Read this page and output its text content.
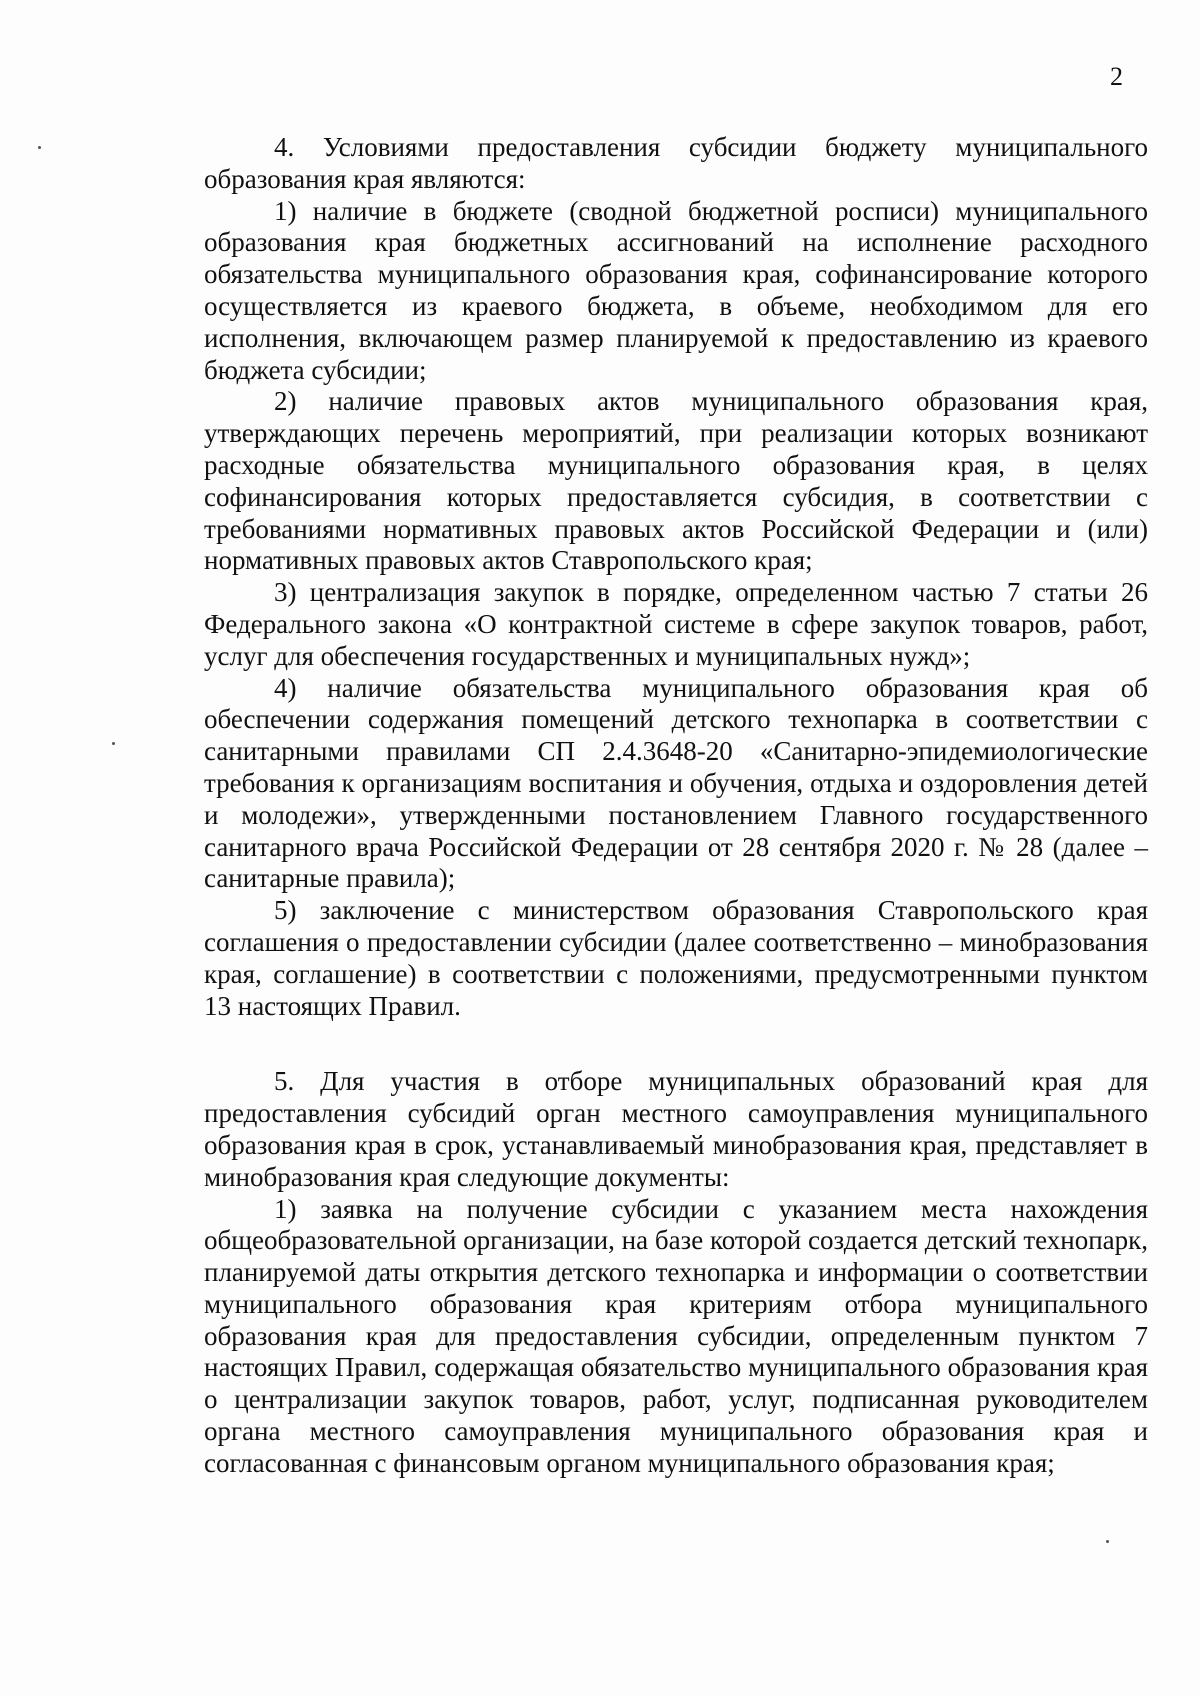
2

4. Условиями предоставления субсидии бюджету муниципального образования края являются:

1) наличие в бюджете (сводной бюджетной росписи) муниципального образования края бюджетных ассигнований на исполнение расходного обязательства муниципального образования края, софинансирование которого осуществляется из краевого бюджета, в объеме, необходимом для его исполнения, включающем размер планируемой к предоставлению из краевого бюджета субсидии;

2) наличие правовых актов муниципального образования края, утверждающих перечень мероприятий, при реализации которых возникают расходные обязательства муниципального образования края, в целях софинансирования которых предоставляется субсидия, в соответствии с требованиями нормативных правовых актов Российской Федерации и (или) нормативных правовых актов Ставропольского края;

3) централизация закупок в порядке, определенном частью 7 статьи 26 Федерального закона «О контрактной системе в сфере закупок товаров, работ, услуг для обеспечения государственных и муниципальных нужд»;

4) наличие обязательства муниципального образования края об обеспечении содержания помещений детского технопарка в соответствии с санитарными правилами СП 2.4.3648-20 «Санитарно-эпидемиологические требования к организациям воспитания и обучения, отдыха и оздоровления детей и молодежи», утвержденными постановлением Главного государственного санитарного врача Российской Федерации от 28 сентября 2020 г. № 28 (далее – санитарные правила);

5) заключение с министерством образования Ставропольского края соглашения о предоставлении субсидии (далее соответственно – минобразования края, соглашение) в соответствии с положениями, предусмотренными пунктом 13 настоящих Правил.

5. Для участия в отборе муниципальных образований края для предоставления субсидий орган местного самоуправления муниципального образования края в срок, устанавливаемый минобразования края, представляет в минобразования края следующие документы:

1) заявка на получение субсидии с указанием места нахождения общеобразовательной организации, на базе которой создается детский технопарк, планируемой даты открытия детского технопарка и информации о соответствии муниципального образования края критериям отбора муниципального образования края для предоставления субсидии, определенным пунктом 7 настоящих Правил, содержащая обязательство муниципального образования края о централизации закупок товаров, работ, услуг, подписанная руководителем органа местного самоуправления муниципального образования края и согласованная с финансовым органом муниципального образования края;
